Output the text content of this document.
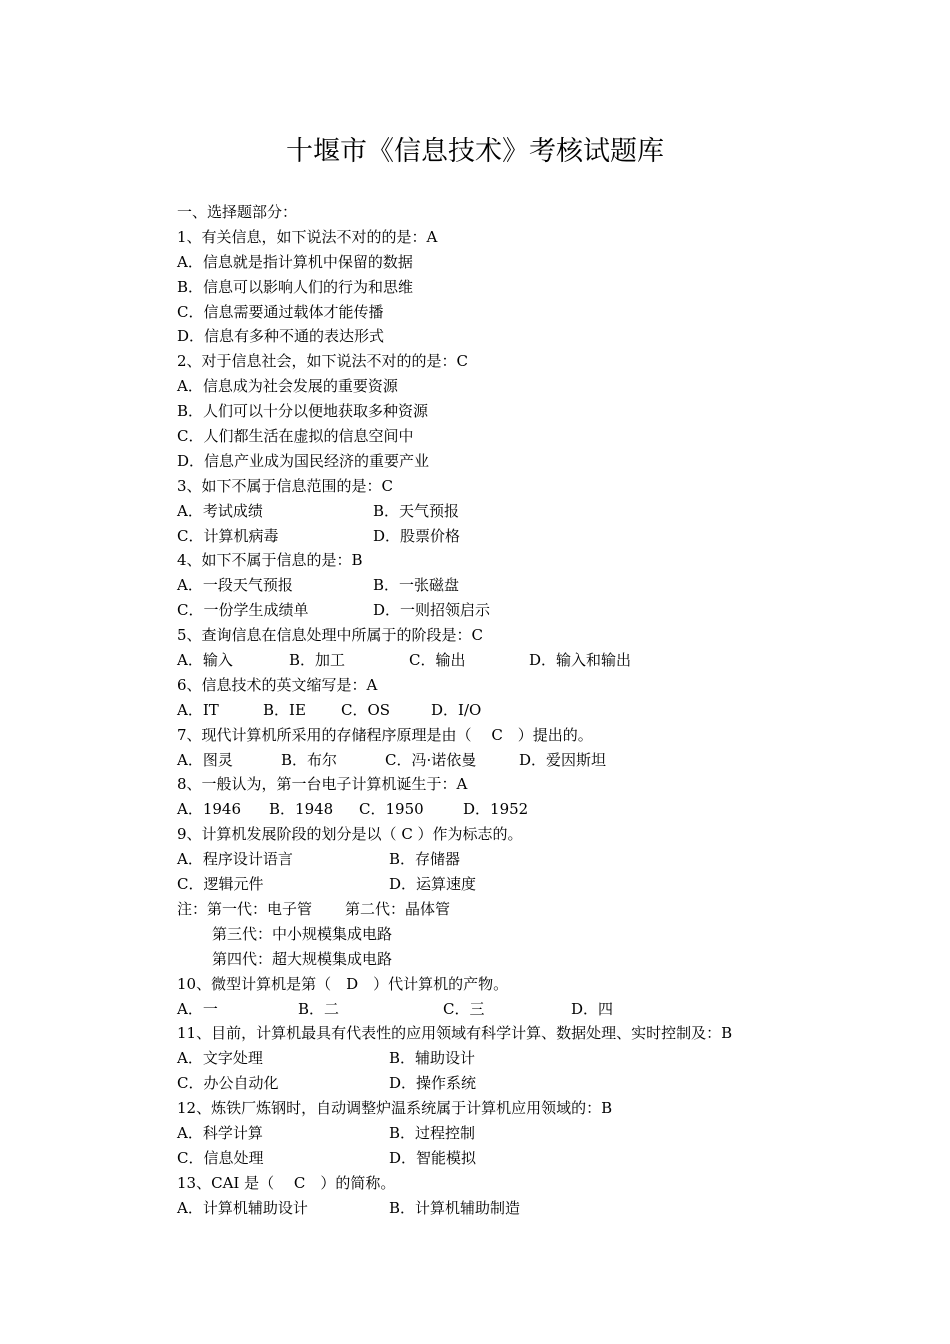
十堰市《信息技术》考核试题库
一、选择题部分：
1、有关信息，如下说法不对的的是：A
A．信息就是指计算机中保留的数据
B．信息可以影响人们的行为和思维
C．信息需要通过载体才能传播
D．信息有多种不通的表达形式
2、对于信息社会，如下说法不对的的是：C
A．信息成为社会发展的重要资源
B．人们可以十分以便地获取多种资源
C．人们都生活在虚拟的信息空间中
D．信息产业成为国民经济的重要产业
3、如下不属于信息范围的是：C
A．考试成绩	B．天气预报
C．计算机病毒	D．股票价格
4、如下不属于信息的是：B
A．一段天气预报	B．一张磁盘
C．一份学生成绩单	D．一则招领启示
5、查询信息在信息处理中所属于的阶段是：C
A．输入	B．加工	C．输出	D．输入和输出
6、信息技术的英文缩写是：A
A．IT	B．IE C．OS	D．I/O
7、现代计算机所采用的存储程序原理是由（　 C　）提出的。
A．图灵	B．布尔	C．冯·诺依曼	D．爱因斯坦
8、一般认为，第一台电子计算机诞生于：A
A．1946 B．1948 C．1950	D．1952
9、计算机发展阶段的划分是以（ C ）作为标志的。
A．程序设计语言	B．存储器
C．逻辑元件	D．运算速度
注：第一代：电子管 第二代：晶体管
第三代：中小规模集成电路
第四代：超大规模集成电路
10、微型计算机是第（　D　）代计算机的产物。
A．一	B．二	C．三	D．四
11、目前，计算机最具有代表性的应用领域有科学计算、数据处理、实时控制及：B
A．文字处理	B．辅助设计
C．办公自动化	D．操作系统
12、炼铁厂炼钢时，自动调整炉温系统属于计算机应用领域的：B
A．科学计算	B．过程控制
C．信息处理	D．智能模拟
13、CAI 是（　 C　）的简称。
A．计算机辅助设计	B．计算机辅助制造
